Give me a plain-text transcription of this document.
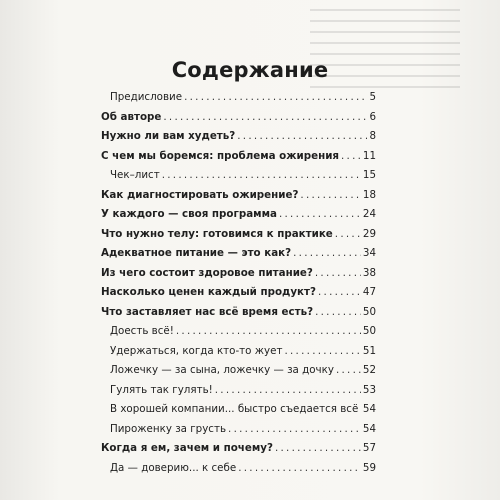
Содержание
Предисловие . . .	5
Об авторе . . .	6
Нужно ли вам худеть? . . .	8
С чем мы боремся: проблема ожирения . . . 11
Чек–лист . . .	15
Как диагностировать ожирение? . . .	18
У каждого — своя программа . . .	24
Что нужно телу: готовимся к практике . . .	29
Адекватное питание — это как? . . .	34
Из чего состоит здоровое питание? . . .	38
Насколько ценен каждый продукт? . . .	47
Что заставляет нас всё время есть? . . .	50
Доесть всё! . . .	50
Удержаться, когда кто-то жует . . .	51
Ложечку — за сына, ложечку — за дочку . . .	52
Гулять так гулять! . . .	53
В хорошей компании... быстро съедается всё . . . 54
Пироженку за грусть . . .	54
Когда я ем, зачем и почему? . . .	57
Да — доверию... к себе . . .	59
